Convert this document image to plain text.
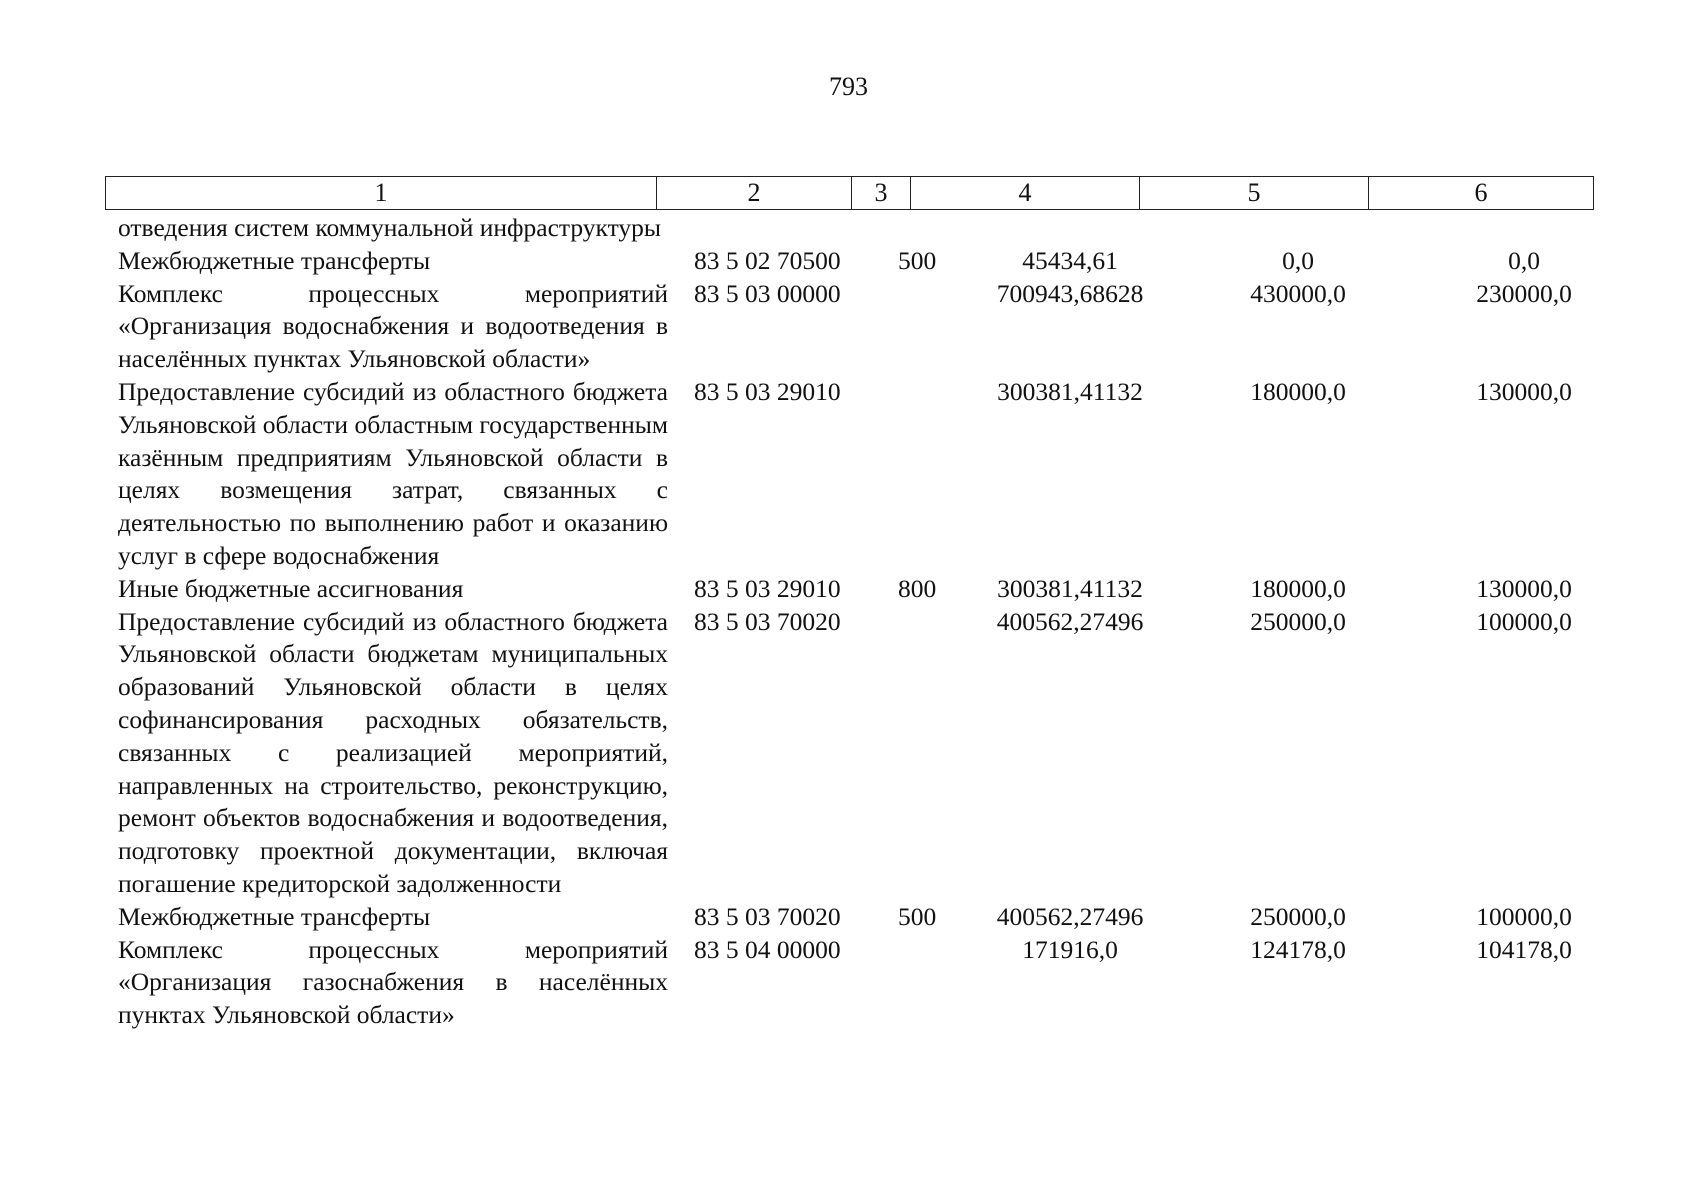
793
1	2	3	4	5	6
отведения систем коммунальной инфраструктуры					
Межбюджетные трансферты	83 5 02 70500	500	45434,61	0,0	0,0
Комплекс процессных мероприятий «Организация водоснабжения и водоотведения в населённых пунктах Ульяновской области»	83 5 03 00000		700943,68628	430000,0	230000,0
Предоставление субсидий из областного бюджета Ульяновской области областным государственным казённым предприятиям Ульяновской области в целях возмещения затрат, связанных с деятельностью по выполнению работ и оказанию услуг в сфере водоснабжения	83 5 03 29010		300381,41132	180000,0	130000,0
Иные бюджетные ассигнования	83 5 03 29010	800	300381,41132	180000,0	130000,0
Предоставление субсидий из областного бюджета Ульяновской области бюджетам муниципальных образований Ульяновской области в целях софинансирования расходных обязательств, связанных с реализацией мероприятий, направленных на строительство, реконструкцию, ремонт объектов водоснабжения и водоотведения, подготовку проектной документации, включая погашение кредиторской задолженности	83 5 03 70020		400562,27496	250000,0	100000,0
Межбюджетные трансферты	83 5 03 70020	500	400562,27496	250000,0	100000,0
Комплекс процессных мероприятий «Организация газоснабжения в населённых пунктах Ульяновской области»	83 5 04 00000		171916,0	124178,0	104178,0
